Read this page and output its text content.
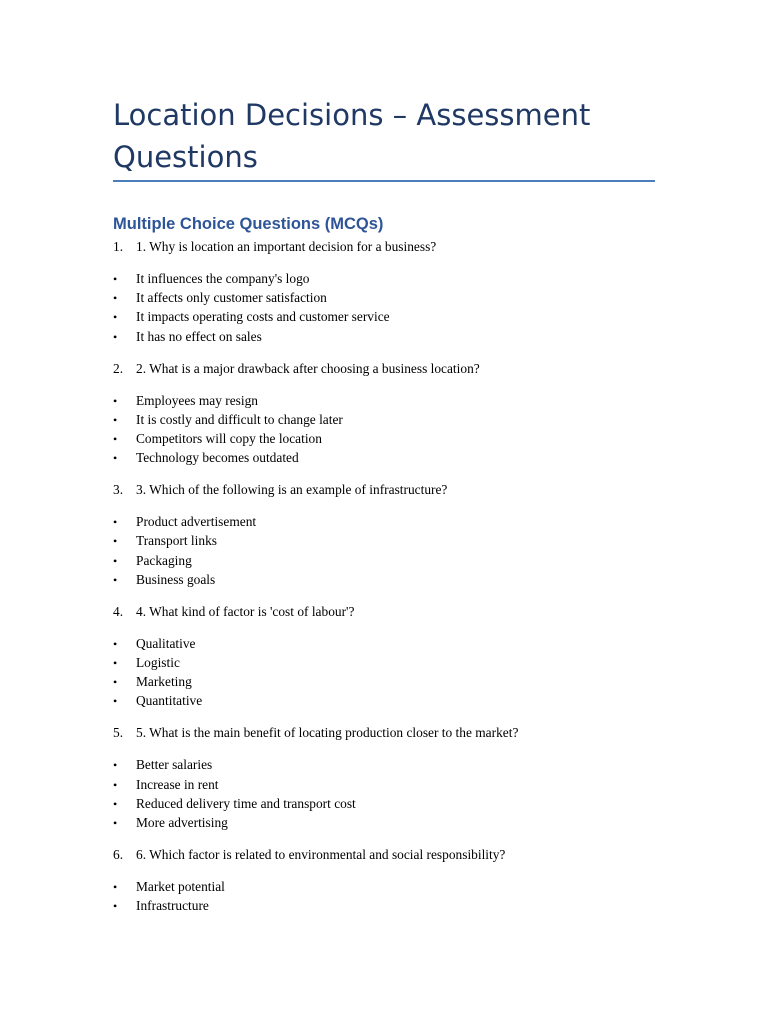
Location Decisions – Assessment Questions
Multiple Choice Questions (MCQs)
1. 1. Why is location an important decision for a business?
• It influences the company's logo
• It affects only customer satisfaction
• It impacts operating costs and customer service
• It has no effect on sales
2. 2. What is a major drawback after choosing a business location?
• Employees may resign
• It is costly and difficult to change later
• Competitors will copy the location
• Technology becomes outdated
3. 3. Which of the following is an example of infrastructure?
• Product advertisement
• Transport links
• Packaging
• Business goals
4. 4. What kind of factor is 'cost of labour'?
• Qualitative
• Logistic
• Marketing
• Quantitative
5. 5. What is the main benefit of locating production closer to the market?
• Better salaries
• Increase in rent
• Reduced delivery time and transport cost
• More advertising
6. 6. Which factor is related to environmental and social responsibility?
• Market potential
• Infrastructure
